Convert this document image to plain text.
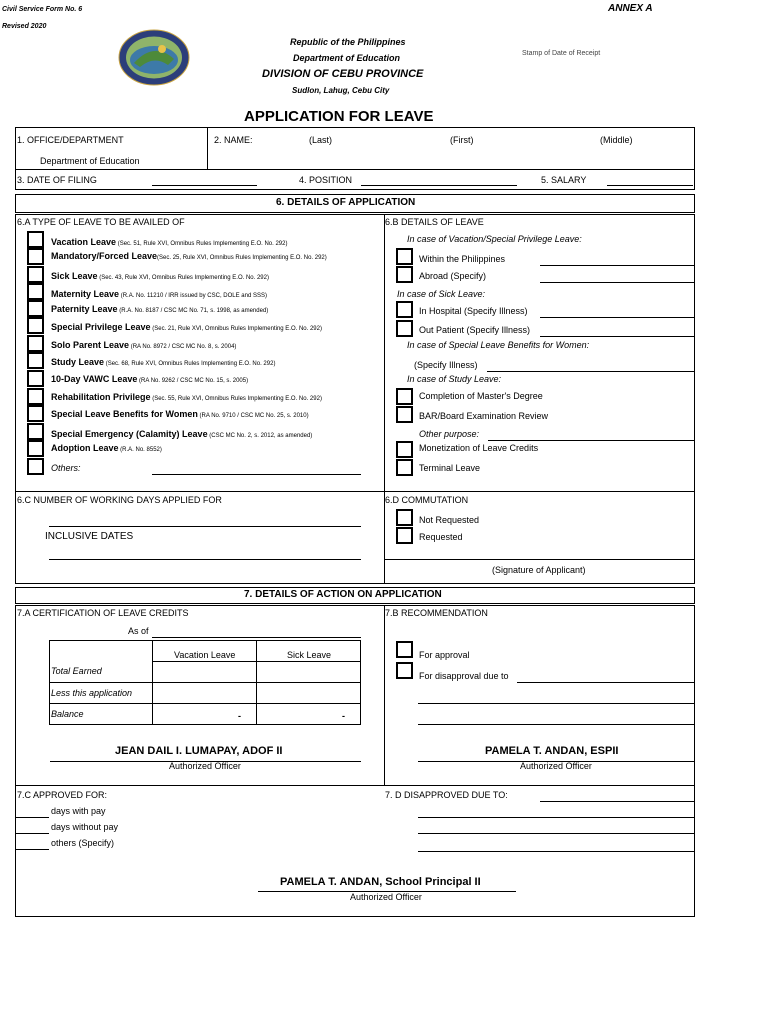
Civil Service Form No. 6
Revised 2020
ANNEX A
Republic of the Philippines
Department of Education
DIVISION OF CEBU PROVINCE
Sudlon, Lahug, Cebu City
Stamp of Date of Receipt
APPLICATION FOR LEAVE
1. OFFICE/DEPARTMENT
Department of Education
2. NAME:	(Last)	(First)	(Middle)
3. DATE OF FILING	4. POSITION	5. SALARY
6. DETAILS OF APPLICATION
6.A TYPE OF LEAVE TO BE AVAILED OF
Vacation Leave (Sec. 51, Rule XVI, Omnibus Rules Implementing E.O. No. 292)
Mandatory/Forced Leave(Sec. 25, Rule XVI, Omnibus Rules Implementing E.O. No. 292)
Sick Leave (Sec. 43, Rule XVI, Omnibus Rules Implementing E.O. No. 292)
Maternity Leave (R.A. No. 11210 / IRR issued by CSC, DOLE and SSS)
Paternity Leave (R.A. No. 8187 / CSC MC No. 71, s. 1998, as amended)
Special Privilege Leave (Sec. 21, Rule XVI, Omnibus Rules Implementing E.O. No. 292)
Solo Parent Leave (RA No. 8972 / CSC MC No. 8, s. 2004)
Study Leave (Sec. 68, Rule XVI, Omnibus Rules Implementing E.O. No. 292)
10-Day VAWC Leave (RA No. 9262 / CSC MC No. 15, s. 2005)
Rehabilitation Privilege (Sec. 55, Rule XVI, Omnibus Rules Implementing E.O. No. 292)
Special Leave Benefits for Women (RA No. 9710 / CSC MC No. 25, s. 2010)
Special Emergency (Calamity) Leave (CSC MC No. 2, s. 2012, as amended)
Adoption Leave (R.A. No. 8552)
Others:
6.B DETAILS OF LEAVE
In case of Vacation/Special Privilege Leave:
Within the Philippines
Abroad (Specify)
In case of Sick Leave:
In Hospital (Specify Illness)
Out Patient (Specify Illness)
In case of Special Leave Benefits for Women:
(Specify Illness)
In case of Study Leave:
Completion of Master's Degree
BAR/Board Examination Review
Other purpose:
Monetization of Leave Credits
Terminal Leave
6.C NUMBER OF WORKING DAYS APPLIED FOR
INCLUSIVE DATES
6.D COMMUTATION
Not Requested
Requested
(Signature of Applicant)
7. DETAILS OF ACTION ON APPLICATION
7.A CERTIFICATION OF LEAVE CREDITS
As of
Vacation Leave	Sick Leave
Total Earned
Less this application
Balance	-	-
JEAN DAIL I. LUMAPAY, ADOF II
Authorized Officer
7.B RECOMMENDATION
For approval
For disapproval due to
PAMELA T. ANDAN, ESPII
Authorized Officer
7.C APPROVED FOR:
days with pay
days without pay
others (Specify)
7. D DISAPPROVED DUE TO:
PAMELA T. ANDAN, School Principal II
Authorized Officer
